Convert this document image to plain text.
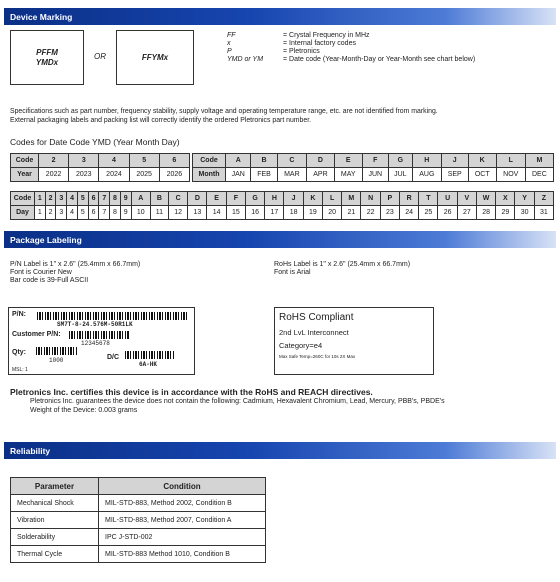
Device Marking
PFFM
YMDx
OR	FFYMx
FF	= Crystal Frequency in MHz
x	= Internal factory codes
P	= Pletronics
YMD or YM	= Date code (Year-Month-Day or Year-Month see chart below)
Specifications such as part number, frequency stability, supply voltage and operating temperature range, etc. are not identified from marking.
External packaging labels and packing list will correctly identify the ordered Pletronics part number.
Codes for Date Code YMD (Year Month Day)
Code	2	3	4	5	6
Year	2022	2023	2024	2025	2026
Code	A	B	C	D	E	F	G	H	J	K	L	M
Month	JAN	FEB	MAR	APR	MAY	JUN	JUL	AUG	SEP	OCT	NOV	DEC
Code	1	2	3	4	5	6	7	8	9	A	B	C	D	E	F	G	H	J	K	L	M	N	P	R	T	U	V	W	X	Y	Z
Day	1	2	3	4	5	6	7	8	9	10	11	12	13	14	15	16	17	18	19	20	21	22	23	24	25	26	27	28	29	30	31
Package Labeling
P/N Label is 1" x 2.6" (25.4mm x 66.7mm)
Font is Courier New
Bar code is 39-Full ASCII
RoHs Label is 1" x 2.6" (25.4mm x 66.7mm)
Font is Arial
P/N:
SM7T-8-24.576M-50R1LK
Customer P/N:
12345678
Qty:
1000	D/C
6A-HK
MSL: 1
RoHS Compliant
2nd LvL Interconnect
Category=e4
Max Safe Temp=260C for 10s 2X Max
Pletronics Inc. certifies this device is in accordance with the RoHS and REACH directives.
Pletronics Inc. guarantees the device does not contain the following: Cadmium, Hexavalent Chromium, Lead, Mercury, PBB's, PBDE's
Weight of the Device: 0.003 grams
Reliability
Parameter	Condition
Mechanical Shock	MIL-STD-883, Method 2002, Condition B
Vibration	MIL-STD-883, Method 2007, Condition A
Solderability	IPC J-STD-002
Thermal Cycle	MIL-STD-883 Method 1010, Condition B
